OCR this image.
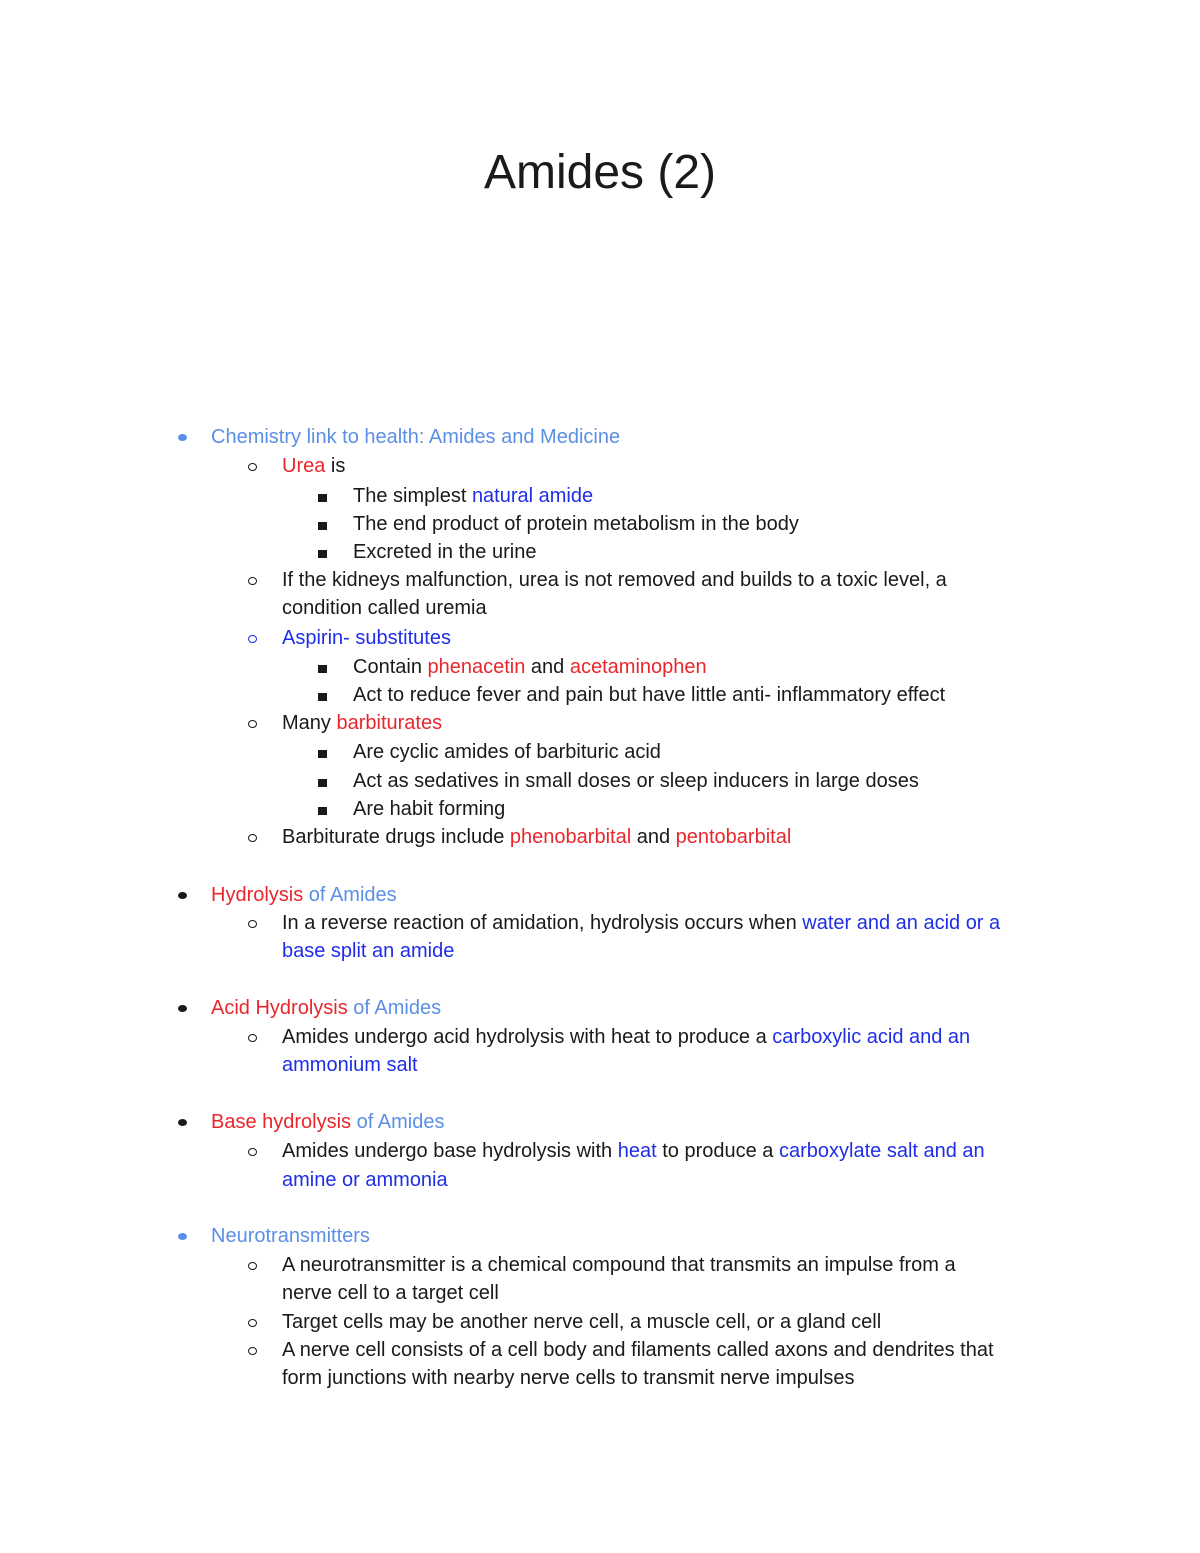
Amides (2)
Chemistry link to health: Amides and Medicine
Urea is
The simplest natural amide
The end product of protein metabolism in the body
Excreted in the urine
If the kidneys malfunction, urea is not removed and builds to a toxic level, a
condition called uremia
Aspirin- substitutes
Contain phenacetin and acetaminophen
Act to reduce fever and pain but have little anti- inflammatory effect
Many barbiturates
Are cyclic amides of barbituric acid
Act as sedatives in small doses or sleep inducers in large doses
Are habit forming
Barbiturate drugs include phenobarbital and pentobarbital
Hydrolysis of Amides
In a reverse reaction of amidation, hydrolysis occurs when water and an acid or a
base split an amide
Acid Hydrolysis of Amides
Amides undergo acid hydrolysis with heat to produce a carboxylic acid and an
ammonium salt
Base hydrolysis of Amides
Amides undergo base hydrolysis with heat to produce a carboxylate salt and an
amine or ammonia
Neurotransmitters
A neurotransmitter is a chemical compound that transmits an impulse from a
nerve cell to a target cell
Target cells may be another nerve cell, a muscle cell, or a gland cell
A nerve cell consists of a cell body and filaments called axons and dendrites that
form junctions with nearby nerve cells to transmit nerve impulses
